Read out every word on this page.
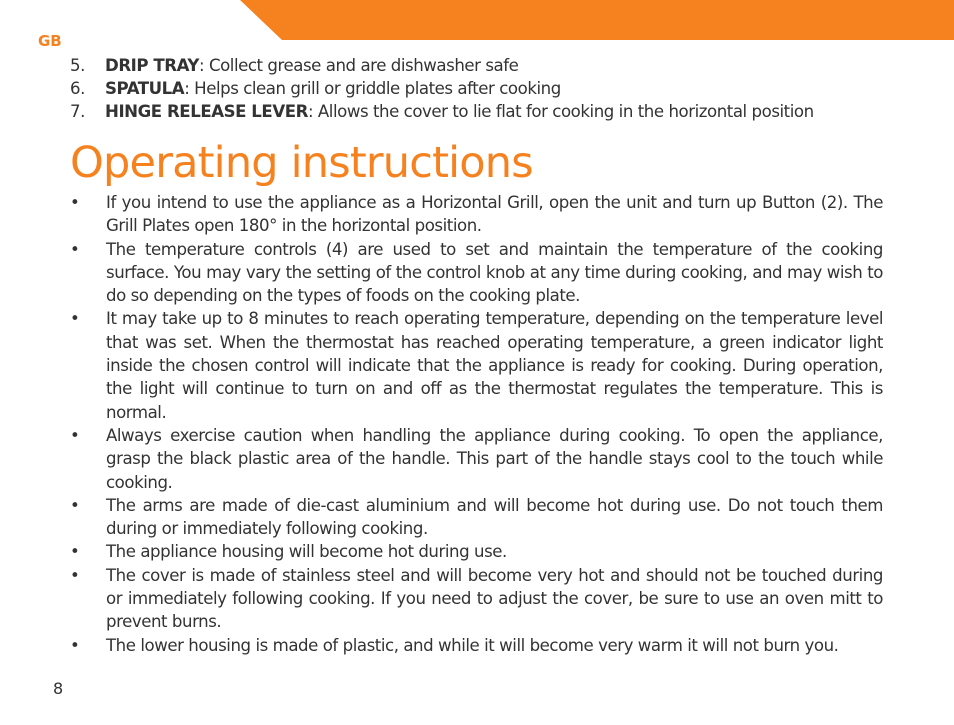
GB
5. DRIP TRAY: Collect grease and are dishwasher safe
6. SPATULA: Helps clean grill or griddle plates after cooking
7. HINGE RELEASE LEVER: Allows the cover to lie flat for cooking in the horizontal position
Operating instructions
• If you intend to use the appliance as a Horizontal Grill, open the unit and turn up Button (2). The Grill Plates open 180° in the horizontal position.
• The temperature controls (4) are used to set and maintain the temperature of the cooking surface. You may vary the setting of the control knob at any time during cooking, and may wish to do so depending on the types of foods on the cooking plate.
• It may take up to 8 minutes to reach operating temperature, depending on the temperature level that was set. When the thermostat has reached operating temperature, a green indicator light inside the chosen control will indicate that the appliance is ready for cooking. During operation, the light will continue to turn on and off as the thermostat regulates the temperature. This is normal.
• Always exercise caution when handling the appliance during cooking. To open the appliance, grasp the black plastic area of the handle. This part of the handle stays cool to the touch while cooking.
• The arms are made of die-cast aluminium and will become hot during use. Do not touch them during or immediately following cooking.
• The appliance housing will become hot during use.
• The cover is made of stainless steel and will become very hot and should not be touched during or immediately following cooking. If you need to adjust the cover, be sure to use an oven mitt to prevent burns.
• The lower housing is made of plastic, and while it will become very warm it will not burn you.
8
